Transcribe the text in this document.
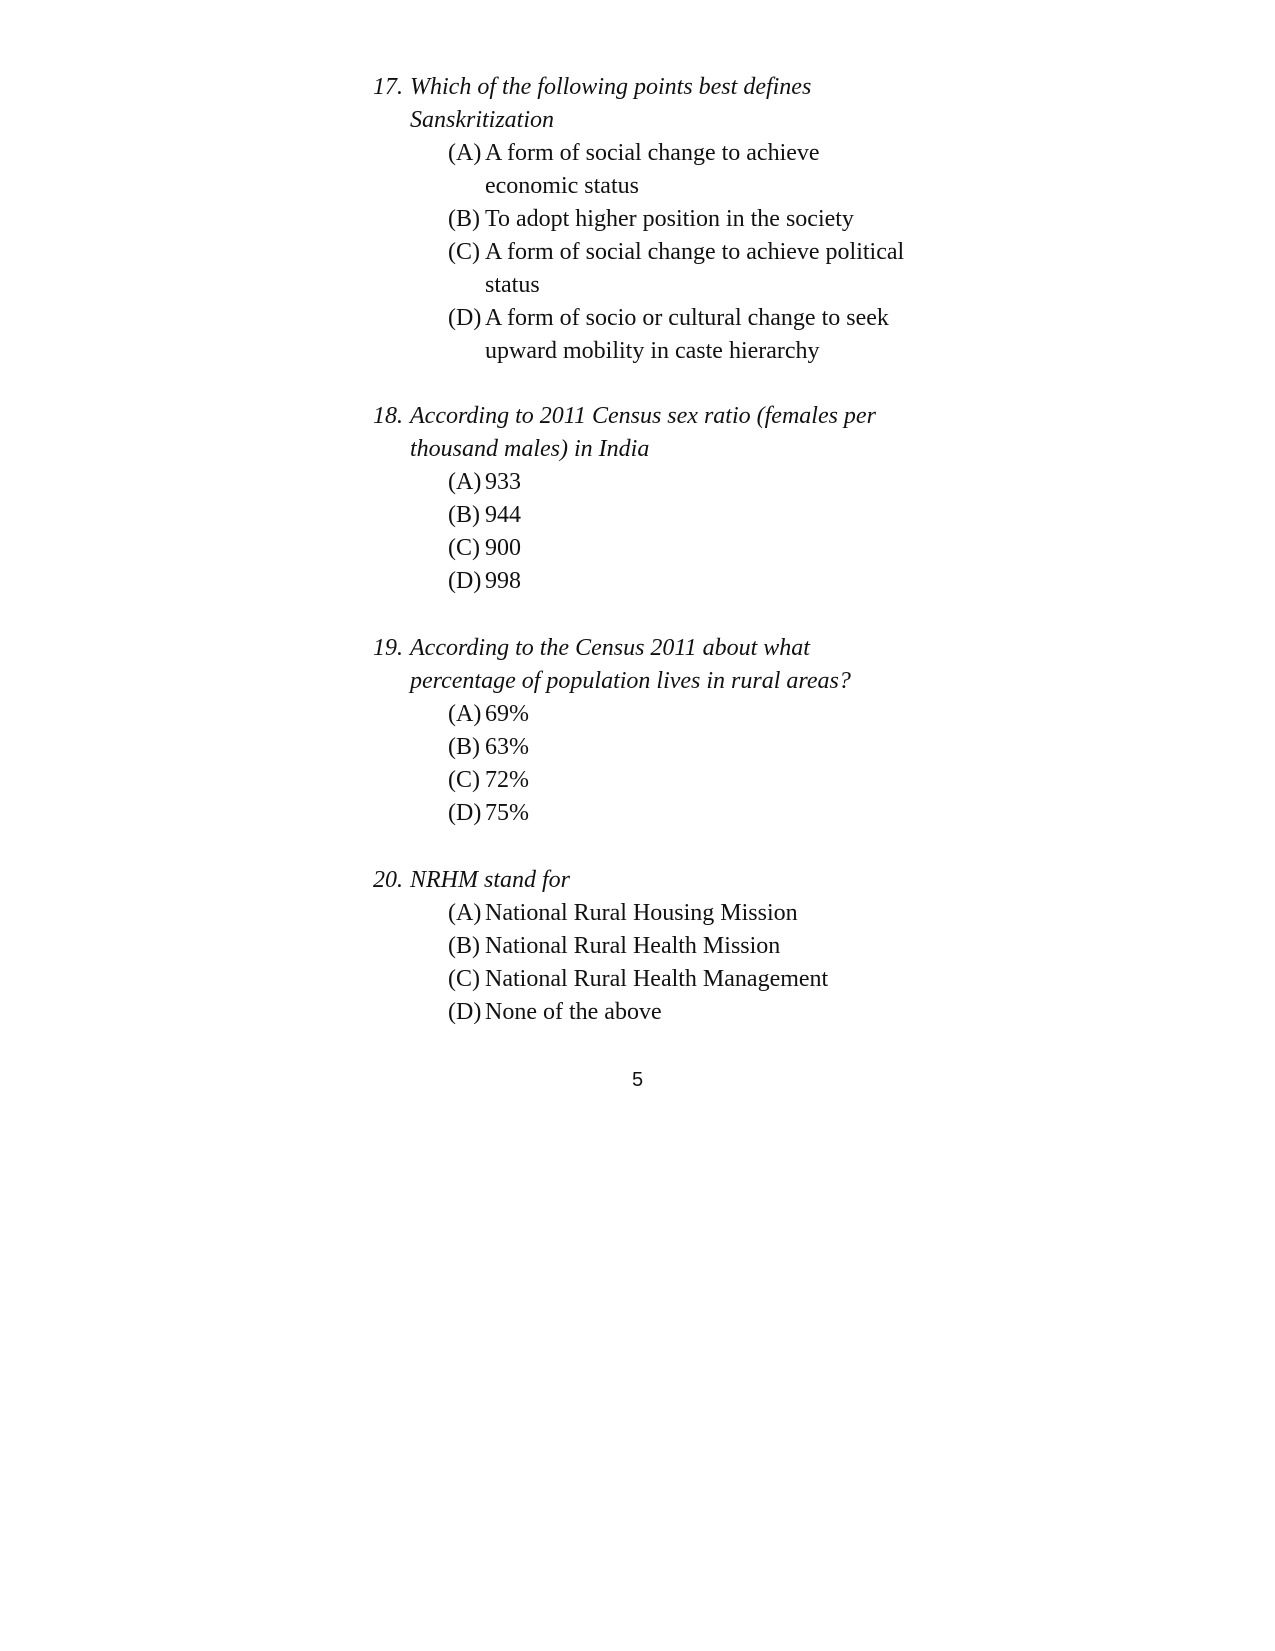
17. Which of the following points best defines Sanskritization
(A) A form of social change to achieve economic status
(B) To adopt higher position in the society
(C) A form of social change to achieve political status
(D) A form of socio or cultural change to seek upward mobility in caste hierarchy
18. According to 2011 Census sex ratio (females per thousand males) in India
(A) 933
(B) 944
(C) 900
(D) 998
19. According to the Census 2011 about what percentage of population lives in rural areas?
(A) 69%
(B) 63%
(C) 72%
(D) 75%
20. NRHM stand for
(A) National Rural Housing Mission
(B) National Rural Health Mission
(C) National Rural Health Management
(D) None of the above
5
